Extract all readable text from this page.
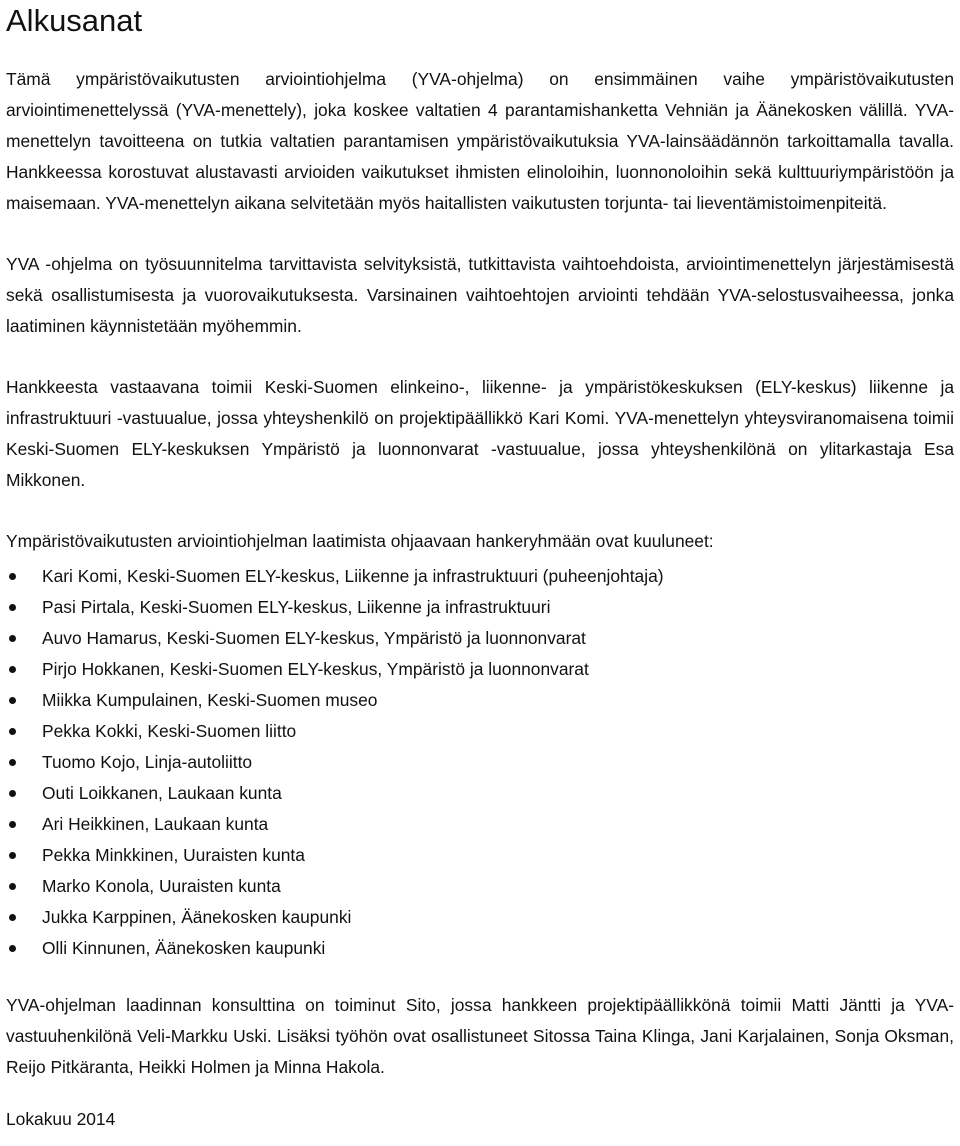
Alkusanat

Tämä ympäristövaikutusten arviointiohjelma (YVA-ohjelma) on ensimmäinen vaihe ympäristövaikutusten arviointimenettelyssä (YVA-menettely), joka koskee valtatien 4 parantamishanketta Vehniän ja Äänekosken välillä. YVA-menettelyn tavoitteena on tutkia valtatien parantamisen ympäristövaikutuksia YVA-​lainsäädännön tarkoittamalla tavalla. Hankkeessa korostuvat alustavasti arvioiden vaikutukset ihmisten elinoloihin, luonnonoloihin sekä kulttuuriympäristöön ja maisemaan. YVA-menettelyn aikana selvitetään myös haitallisten vaikutusten torjunta- tai lieventämistoimenpiteitä.

YVA -ohjelma on työsuunnitelma tarvittavista selvityksistä, tutkittavista vaihtoehdoista, arviointimenettelyn järjestämisestä sekä osallistumisesta ja vuorovaikutuksesta. Varsinainen vaihtoehtojen arviointi tehdään YVA-selostusvaiheessa, jonka laatiminen käynnistetään myöhemmin.

Hankkeesta vastaavana toimii Keski-Suomen elinkeino-, liikenne- ja ympäristökeskuksen (ELY-keskus) liikenne ja infrastruktuuri -vastuualue, jossa yhteyshenkilö on projektipäällikkö Kari Komi. YVA-menettelyn yhteysviranomaisena toimii Keski-Suomen ELY-keskuksen Ympäristö ja luonnonvarat -vastuualue, jossa yhteyshenkilönä on ylitarkastaja Esa Mikkonen.

Ympäristövaikutusten arviointiohjelman laatimista ohjaavaan hankeryhmään ovat kuuluneet:

Kari Komi, Keski-Suomen ELY-keskus, Liikenne ja infrastruktuuri (puheenjohtaja)
Pasi Pirtala, Keski-Suomen ELY-keskus, Liikenne ja infrastruktuuri
Auvo Hamarus, Keski-Suomen ELY-keskus, Ympäristö ja luonnonvarat
Pirjo Hokkanen, Keski-Suomen ELY-keskus, Ympäristö ja luonnonvarat
Miikka Kumpulainen, Keski-Suomen museo
Pekka Kokki, Keski-Suomen liitto
Tuomo Kojo, Linja-autoliitto
Outi Loikkanen, Laukaan kunta
Ari Heikkinen, Laukaan kunta
Pekka Minkkinen, Uuraisten kunta
Marko Konola, Uuraisten kunta
Jukka Karppinen, Äänekosken kaupunki
Olli Kinnunen, Äänekosken kaupunki

YVA-ohjelman laadinnan konsulttina on toiminut Sito, jossa hankkeen projektipäällikkönä toimii Matti Jäntti ja YVA-vastuuhenkilönä Veli-Markku Uski. Lisäksi työhön ovat osallistuneet Sitossa Taina Klinga, Jani Karjalainen, Sonja Oksman, Reijo Pitkäranta, Heikki Holmen ja Minna Hakola.

Lokakuu 2014
